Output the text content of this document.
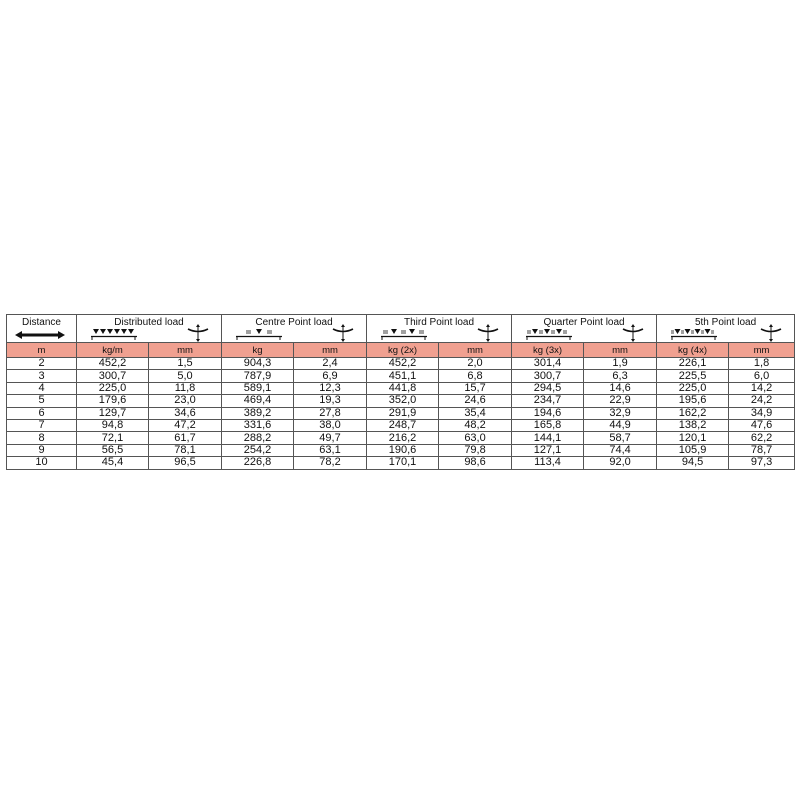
Distance	Distributed load		Centre Point load		Third Point load		Quarter Point load		5th Point load	

m	kg/m	mm	kg	mm	kg (2x)	mm	kg (3x)	mm	kg (4x)	mm
2	452,2	1,5	904,3	2,4	452,2	2,0	301,4	1,9	226,1	1,8
3	300,7	5,0	787,9	6,9	451,1	6,8	300,7	6,3	225,5	6,0
4	225,0	11,8	589,1	12,3	441,8	15,7	294,5	14,6	225,0	14,2
5	179,6	23,0	469,4	19,3	352,0	24,6	234,7	22,9	195,6	24,2
6	129,7	34,6	389,2	27,8	291,9	35,4	194,6	32,9	162,2	34,9
7	94,8	47,2	331,6	38,0	248,7	48,2	165,8	44,9	138,2	47,6
8	72,1	61,7	288,2	49,7	216,2	63,0	144,1	58,7	120,1	62,2
9	56,5	78,1	254,2	63,1	190,6	79,8	127,1	74,4	105,9	78,7
10	45,4	96,5	226,8	78,2	170,1	98,6	113,4	92,0	94,5	97,3
